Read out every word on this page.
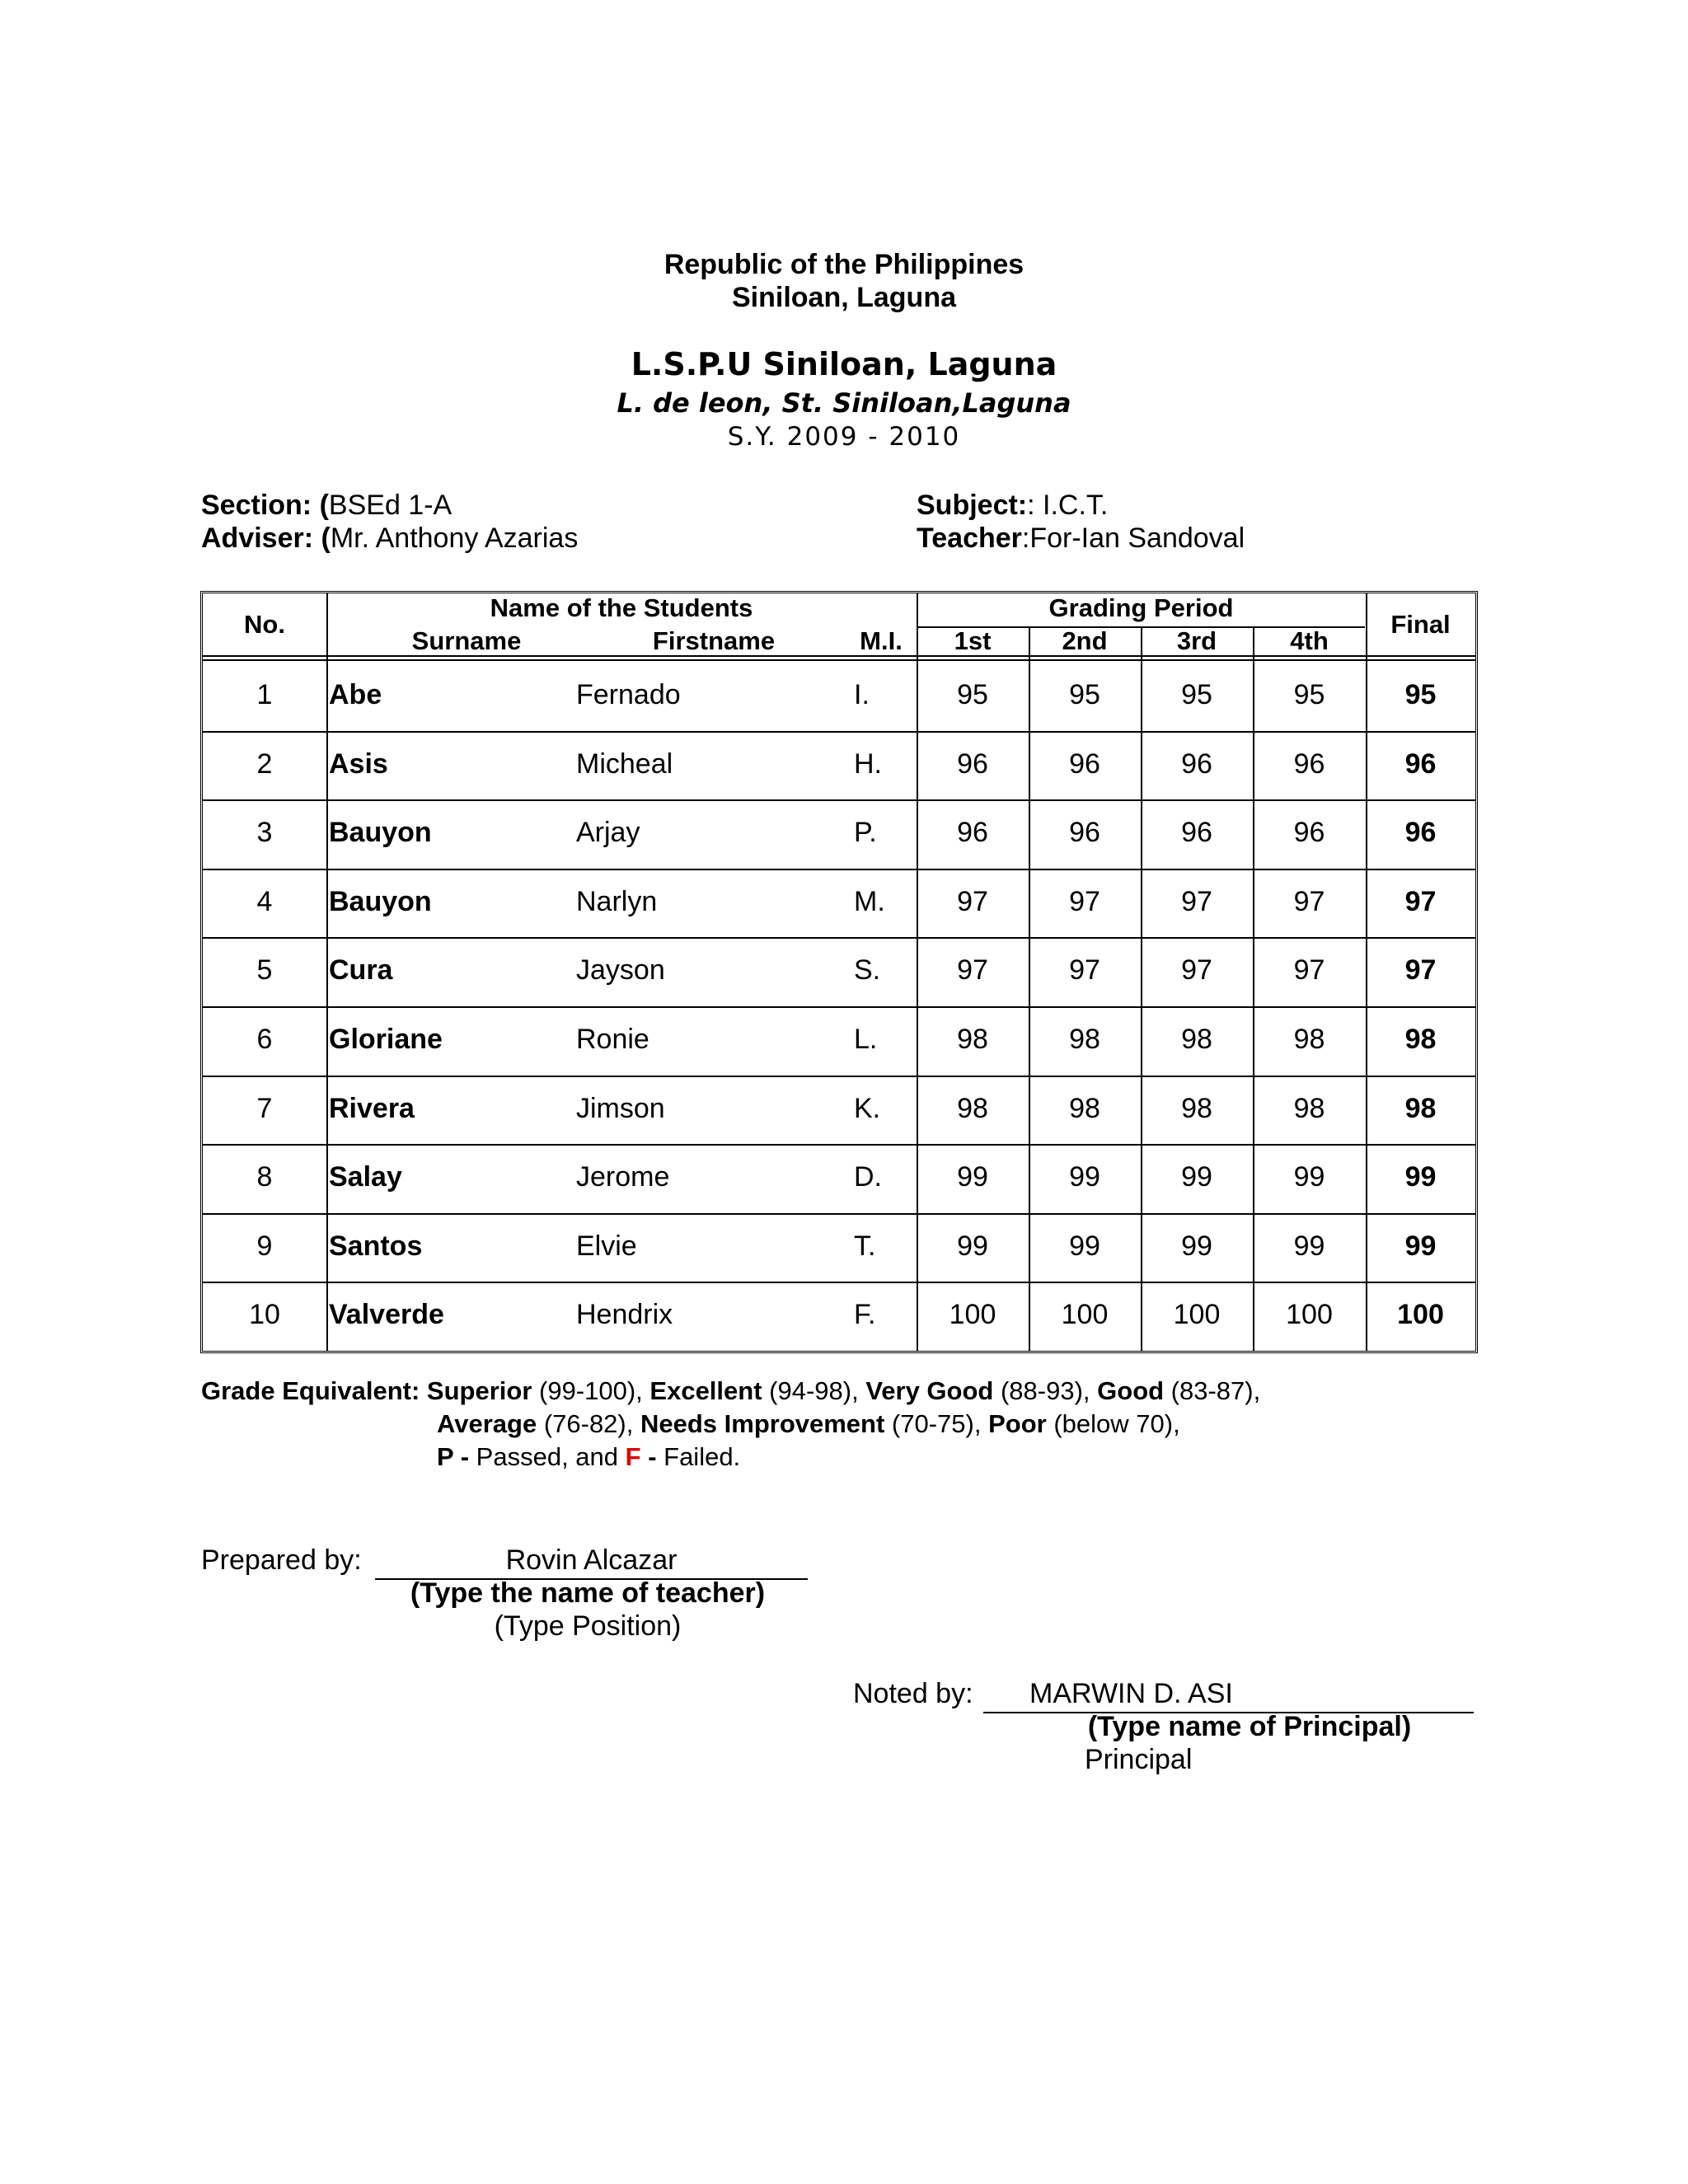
Republic of the Philippines
Siniloan, Laguna
L.S.P.U Siniloan, Laguna
L. de leon, St. Siniloan,Laguna
S.Y. 2009 - 2010
Section: (BSEd 1-A
Adviser: (Mr. Anthony Azarias
Subject:: I.C.T.
Teacher:For-Ian Sandoval
No.
Name of the Students
Surname	Firstname	M.I.
Grading Period
1st	2nd	3rd	4th
Final
1	Abe	Fernado	I.	95	95	95	95	95
2	Asis	Micheal	H.	96	96	96	96	96
3	Bauyon	Arjay	P.	96	96	96	96	96
4	Bauyon	Narlyn	M.	97	97	97	97	97
5	Cura	Jayson	S.	97	97	97	97	97
6	Gloriane	Ronie	L.	98	98	98	98	98
7	Rivera	Jimson	K.	98	98	98	98	98
8	Salay	Jerome	D.	99	99	99	99	99
9	Santos	Elvie	T.	99	99	99	99	99
10	Valverde	Hendrix	F.	100	100	100	100	100
Grade Equivalent: Superior (99-100), Excellent (94-98), Very Good (88-93), Good (83-87),
Average (76-82), Needs Improvement (70-75), Poor (below 70),
P - Passed, and F - Failed.
Prepared by:	Rovin Alcazar
(Type the name of teacher)
(Type Position)
Noted by: MARWIN D. ASI
(Type name of Principal)
Principal
